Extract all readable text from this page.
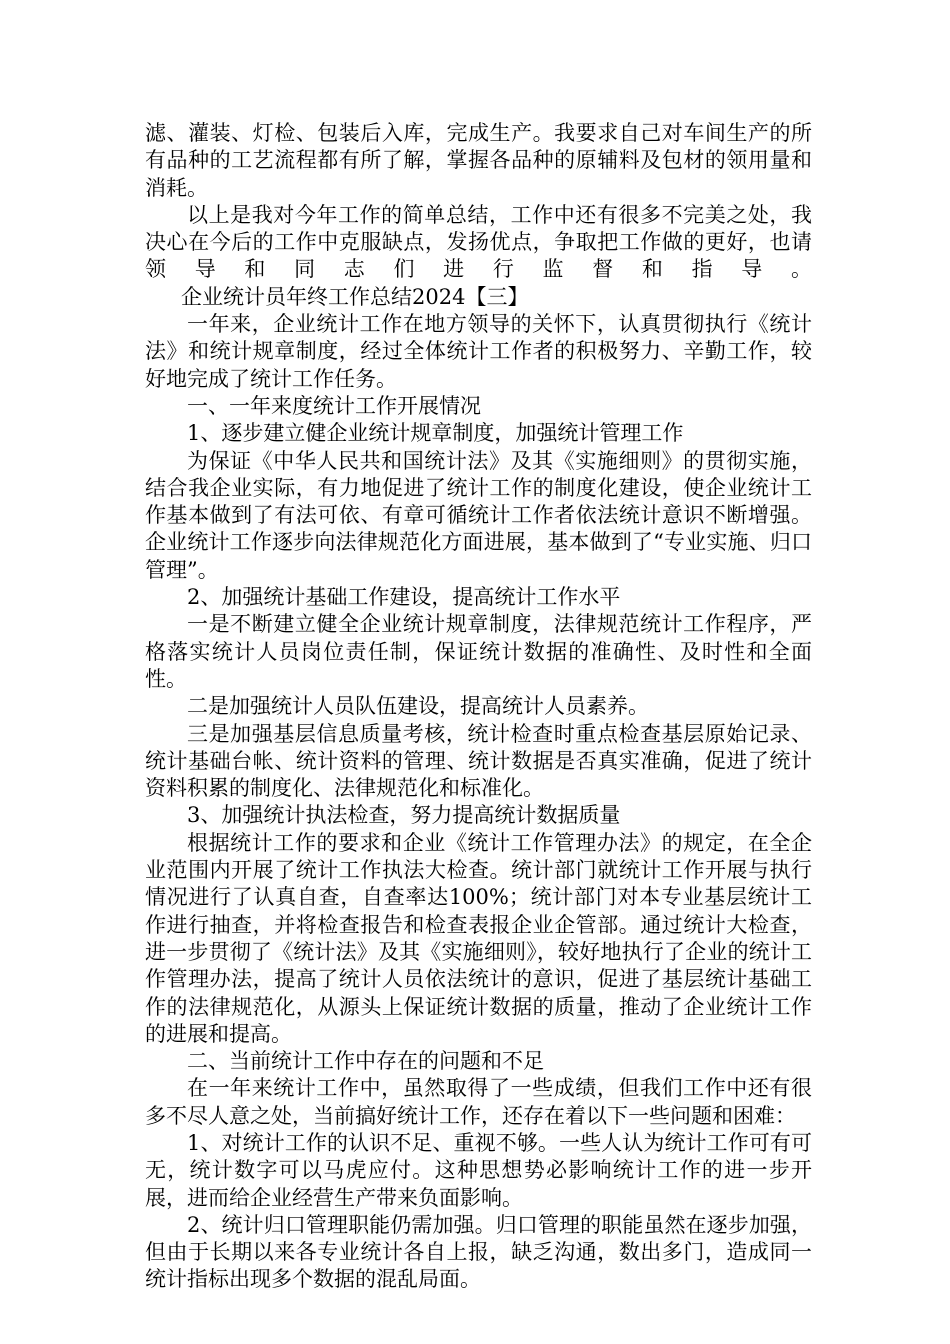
滤、灌装、灯检、包装后入库，完成生产。我要求自己对车间生产的所有品种的工艺流程都有所了解，掌握各品种的原辅料及包材的领用量和消耗。

以上是我对今年工作的简单总结，工作中还有很多不完美之处，我决心在今后的工作中克服缺点，发扬优点，争取把工作做的更好，也请领导和同志们进行监督和指导。企业统计员年终工作总结2024【三】

一年来，企业统计工作在地方领导的关怀下，认真贯彻执行《统计法》和统计规章制度，经过全体统计工作者的积极努力、辛勤工作，较好地完成了统计工作任务。

一、一年来度统计工作开展情况

1、逐步建立健企业统计规章制度，加强统计管理工作

为保证《中华人民共和国统计法》及其《实施细则》的贯彻实施，结合我企业实际，有力地促进了统计工作的制度化建设，使企业统计工作基本做到了有法可依、有章可循统计工作者依法统计意识不断增强。企业统计工作逐步向法律规范化方面进展，基本做到了“专业实施、归口管理”。

2、加强统计基础工作建设，提高统计工作水平

一是不断建立健全企业统计规章制度，法律规范统计工作程序，严格落实统计人员岗位责任制，保证统计数据的准确性、及时性和全面性。

二是加强统计人员队伍建设，提高统计人员素养。

三是加强基层信息质量考核，统计检查时重点检查基层原始记录、统计基础台帐、统计资料的管理、统计数据是否真实准确，促进了统计资料积累的制度化、法律规范化和标准化。

3、加强统计执法检查，努力提高统计数据质量

根据统计工作的要求和企业《统计工作管理办法》的规定，在全企业范围内开展了统计工作执法大检查。统计部门就统计工作开展与执行情况进行了认真自查，自查率达100%；统计部门对本专业基层统计工作进行抽查，并将检查报告和检查表报企业企管部。通过统计大检查，进一步贯彻了《统计法》及其《实施细则》，较好地执行了企业的统计工作管理办法，提高了统计人员依法统计的意识，促进了基层统计基础工作的法律规范化，从源头上保证统计数据的质量，推动了企业统计工作的进展和提高。

二、当前统计工作中存在的问题和不足

在一年来统计工作中，虽然取得了一些成绩，但我们工作中还有很多不尽人意之处，当前搞好统计工作，还存在着以下一些问题和困难：

1、对统计工作的认识不足、重视不够。一些人认为统计工作可有可无，统计数字可以马虎应付。这种思想势必影响统计工作的进一步开展，进而给企业经营生产带来负面影响。

2、统计归口管理职能仍需加强。归口管理的职能虽然在逐步加强，但由于长期以来各专业统计各自上报，缺乏沟通，数出多门，造成同一统计指标出现多个数据的混乱局面。
